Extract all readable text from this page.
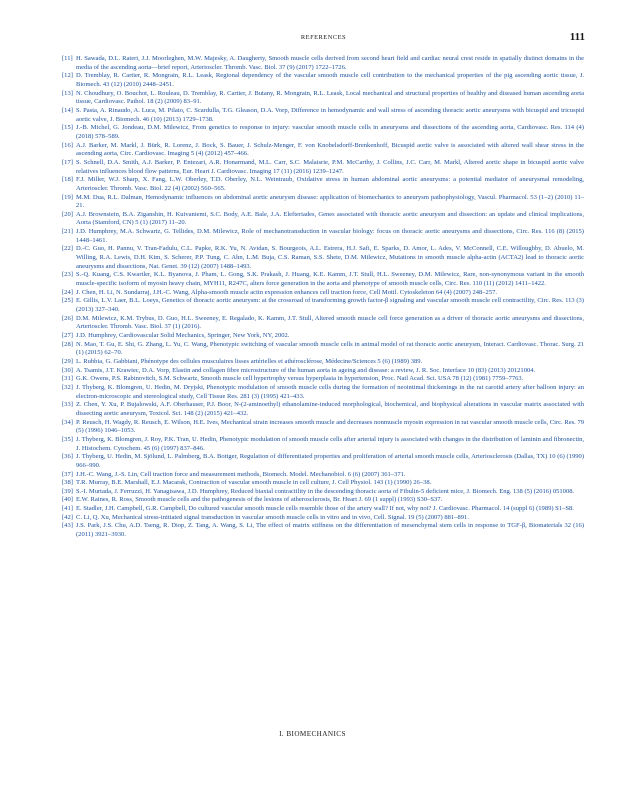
REFERENCES	111
[11] H. Sawada, D.L. Rateri, J.J. Moorleghen, M.W. Majesky, A. Daugherty, Smooth muscle cells derived from second heart field and cardiac neural crest reside in spatially distinct domains in the media of the ascending aorta—brief report, Arterioscler. Thromb. Vasc. Biol. 37 (9) (2017) 1722–1726.
[12] D. Tremblay, R. Cartier, R. Mongrain, R.L. Leask, Regional dependency of the vascular smooth muscle cell contribution to the mechanical properties of the pig ascending aortic tissue, J. Biomech. 43 (12) (2010) 2448–2451.
[13] N. Choudhury, O. Bouchot, L. Rouleau, D. Tremblay, R. Cartier, J. Butany, R. Mongrain, R.L. Leask, Local mechanical and structural properties of healthy and diseased human ascending aorta tissue, Cardiovasc. Pathol. 18 (2) (2009) 83–91.
[14] S. Pasta, A. Rinaudo, A. Luca, M. Pilato, C. Scardulla, T.G. Gleason, D.A. Vorp, Difference in hemodynamic and wall stress of ascending thoracic aortic aneurysms with bicuspid and tricuspid aortic valve, J. Biomech. 46 (10) (2013) 1729–1738.
[15] J.-B. Michel, G. Jondeau, D.M. Milewicz, From genetics to response to injury: vascular smooth muscle cells in aneurysms and dissections of the ascending aorta, Cardiovasc. Res. 114 (4) (2018) 578–589.
[16] A.J. Barker, M. Markl, J. Bürk, R. Lorenz, J. Bock, S. Bauer, J. Schulz-Menger, F. von Knobelsdorff-Brenkenhoff, Bicuspid aortic valve is associated with altered wall shear stress in the ascending aorta, Circ. Cardiovasc. Imaging 5 (4) (2012) 457–466.
[17] S. Schnell, D.A. Smith, A.J. Barker, P. Entezari, A.R. Honarmand, M.L. Carr, S.C. Malaisrie, P.M. McCarthy, J. Collins, J.C. Carr, M. Markl, Altered aortic shape in bicuspid aortic valve relatives influences blood flow patterns, Eur. Heart J. Cardiovasc. Imaging 17 (11) (2016) 1239–1247.
[18] F.J. Miller, W.J. Sharp, X. Fang, L.W. Oberley, T.D. Oberley, N.L. Weintraub, Oxidative stress in human abdominal aortic aneurysms: a potential mediator of aneurysmal remodeling, Arterioscler. Thromb. Vasc. Biol. 22 (4) (2002) 560–565.
[19] M.M. Dua, R.L. Dalman, Hemodynamic influences on abdominal aortic aneurysm disease: application of biomechanics to aneurysm pathophysiology, Vascul. Pharmacol. 53 (1–2) (2010) 11–21.
[20] A.J. Brownstein, B.A. Ziganshin, H. Kuivaniemi, S.C. Body, A.E. Bale, J.A. Elefteriades, Genes associated with thoracic aortic aneurysm and dissection: an update and clinical implications, Aorta (Stamford, CN) 5 (1) (2017) 11–20.
[21] J.D. Humphrey, M.A. Schwartz, G. Tellides, D.M. Milewicz, Role of mechanotransduction in vascular biology: focus on thoracic aortic aneurysms and dissections, Circ. Res. 116 (8) (2015) 1448–1461.
[22] D.-C. Guo, H. Pannu, V. Tran-Fadulu, C.L. Papke, R.K. Yu, N. Avidan, S. Bourgeois, A.L. Estrera, H.J. Safi, E. Sparks, D. Amor, L. Ades, V. McConnell, C.E. Willoughby, D. Abuelo, M. Willing, R.A. Lewis, D.H. Kim, S. Scherer, P.P. Tung, C. Ahn, L.M. Buja, C.S. Raman, S.S. Shete, D.M. Milewicz, Mutations in smooth muscle alpha-actin (ACTA2) lead to thoracic aortic aneurysms and dissections, Nat. Genet. 39 (12) (2007) 1488–1493.
[23] S.-Q. Kuang, C.S. Kwartler, K.L. Byanova, J. Pham, L. Gong, S.K. Prakash, J. Huang, K.E. Kamm, J.T. Stull, H.L. Sweeney, D.M. Milewicz, Rare, non-synonymous variant in the smooth muscle-specific isoform of myosin heavy chain, MYH11, R247C, alters force generation in the aorta and phenotype of smooth muscle cells, Circ. Res. 110 (11) (2012) 1411–1422.
[24] J. Chen, H. Li, N. Sundarraj, J.H.-C. Wang, Alpha-smooth muscle actin expression enhances cell traction force, Cell Motil. Cytoskeleton 64 (4) (2007) 248–257.
[25] E. Gillis, L.V. Laer, B.L. Loeys, Genetics of thoracic aortic aneurysm: at the crossroad of transforming growth factor-β signaling and vascular smooth muscle cell contractility, Circ. Res. 113 (3) (2013) 327–340.
[26] D.M. Milewicz, K.M. Trybus, D. Guo, H.L. Sweeney, E. Regalado, K. Kamm, J.T. Stull, Altered smooth muscle cell force generation as a driver of thoracic aortic aneurysms and dissections, Arterioscler. Thromb. Vasc. Biol. 37 (1) (2016).
[27] J.D. Humphrey, Cardiovascular Solid Mechanics, Springer, New York, NY, 2002.
[28] N. Mao, T. Gu, E. Shi, G. Zhang, L. Yu, C. Wang, Phenotypic switching of vascular smooth muscle cells in animal model of rat thoracic aortic aneurysm, Interact. Cardiovasc. Thorac. Surg. 21 (1) (2015) 62–70.
[29] L. Rubbia, G. Gabbiani, Phénotype des cellules musculaires lisses artérielles et athérosclérose, Médecine/Sciences 5 (6) (1989) 389.
[30] A. Tsamis, J.T. Krawiec, D.A. Vorp, Elastin and collagen fibre microstructure of the human aorta in ageing and disease: a review, J. R. Soc. Interface 10 (83) (2013) 20121004.
[31] G.K. Owens, P.S. Rabinovitch, S.M. Schwartz, Smooth muscle cell hypertrophy versus hyperplasia in hypertension, Proc. Natl Acad. Sci. USA 78 (12) (1981) 7759–7763.
[32] J. Thyberg, K. Blomgren, U. Hedin, M. Dryjski, Phenotypic modulation of smooth muscle cells during the formation of neointimal thickenings in the rat carotid artery after balloon injury: an electron-microscopic and stereological study, Cell Tissue Res. 281 (3) (1995) 421–433.
[33] Z. Chen, Y. Xu, P. Bujalowski, A.F. Oberhauser, P.J. Boor, N-(2-aminoethyl) ethanolamine-induced morphological, biochemical, and biophysical alterations in vascular matrix associated with dissecting aortic aneurysm, Toxicol. Sci. 148 (2) (2015) 421–432.
[34] P. Reusch, H. Wagdy, R. Reusch, E. Wilson, H.E. Ives, Mechanical strain increases smooth muscle and decreases nonmuscle myosin expression in rat vascular smooth muscle cells, Circ. Res. 79 (5) (1996) 1046–1053.
[35] J. Thyberg, K. Blomgren, J. Roy, P.K. Tran, U. Hedin, Phenotypic modulation of smooth muscle cells after arterial injury is associated with changes in the distribution of laminin and fibronectin, J. Histochem. Cytochem. 45 (6) (1997) 837–846.
[36] J. Thyberg, U. Hedin, M. Sjölund, L. Palmberg, B.A. Bottger, Regulation of differentiated properties and proliferation of arterial smooth muscle cells, Arteriosclerosis (Dallas, TX) 10 (6) (1990) 966–990.
[37] J.H.-C. Wang, J.-S. Lin, Cell traction force and measurement methods, Biomech. Model. Mechanobiol. 6 (6) (2007) 361–371.
[38] T.R. Murray, B.E. Marshall, E.J. Macarak, Contraction of vascular smooth muscle in cell culture, J. Cell Physiol. 143 (1) (1990) 26–38.
[39] S.-I. Murtada, J. Ferruzzi, H. Yanagisawa, J.D. Humphrey, Reduced biaxial contractility in the descending thoracic aorta of Fibulin-5 deficient mice, J. Biomech. Eng. 138 (5) (2016) 051008.
[40] E.W. Raines, R. Ross, Smooth muscle cells and the pathogenesis of the lesions of atherosclerosis, Br. Heart J. 69 (1 suppl) (1993) S30–S37.
[41] E. Stadler, J.H. Campbell, G.R. Campbell, Do cultured vascular smooth muscle cells resemble those of the artery wall? If not, why not? J. Cardiovasc. Pharmacol. 14 (suppl 6) (1989) S1–S8.
[42] C. Li, Q. Xu, Mechanical stress-initiated signal transduction in vascular smooth muscle cells in vitro and in vivo, Cell. Signal. 19 (5) (2007) 881–891.
[43] J.S. Park, J.S. Chu, A.D. Tseng, R. Diop, Z. Tang, A. Wang, S. Li, The effect of matrix stiffness on the differentiation of mesenchymal stem cells in response to TGF-β, Biomaterials 32 (16) (2011) 3921–3930.
I. BIOMECHANICS
